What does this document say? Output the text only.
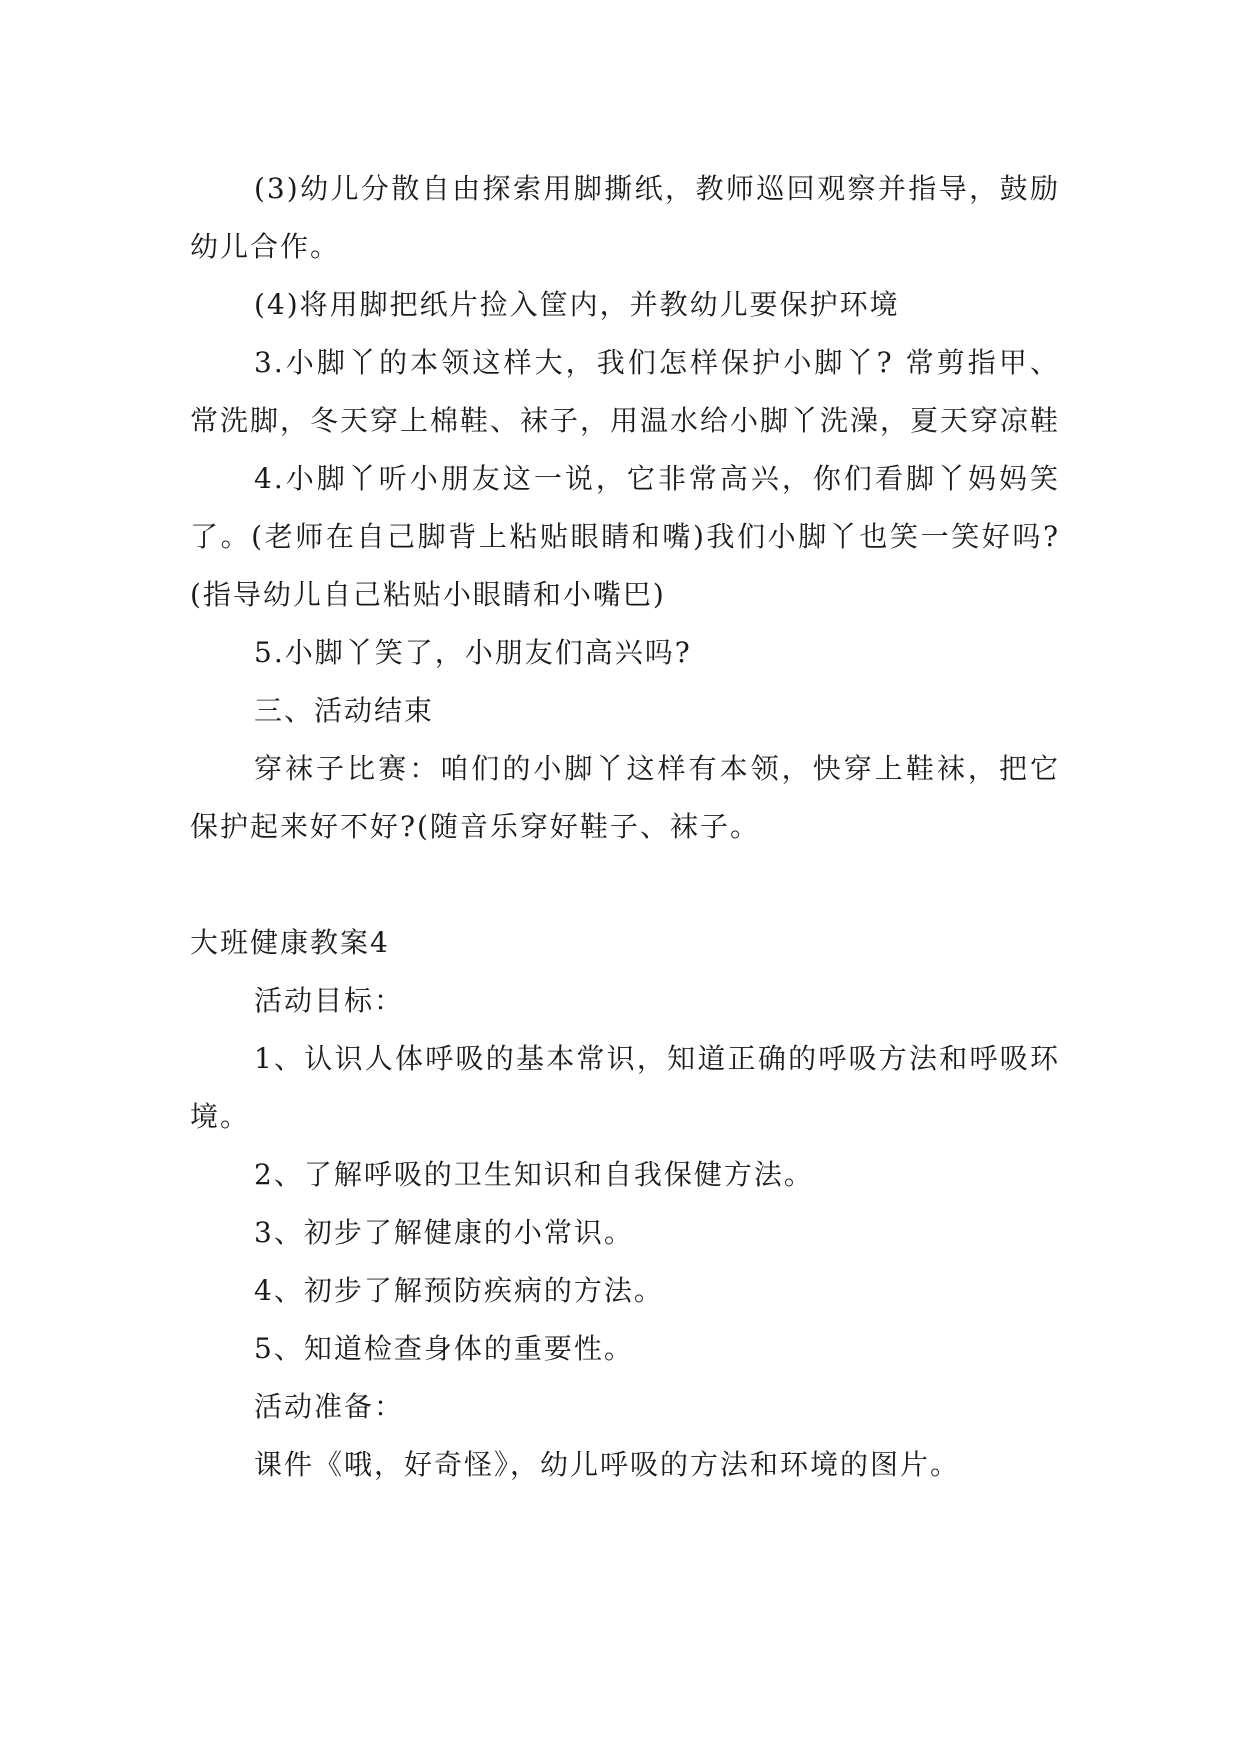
(3)幼儿分散自由探索用脚撕纸，教师巡回观察并指导，鼓励幼儿合作。

(4)将用脚把纸片捡入筐内，并教幼儿要保护环境

3.小脚丫的本领这样大，我们怎样保护小脚丫? 常剪指甲、常洗脚，冬天穿上棉鞋、袜子，用温水给小脚丫洗澡，夏天穿凉鞋

4.小脚丫听小朋友这一说，它非常高兴，你们看脚丫妈妈笑了。(老师在自己脚背上粘贴眼睛和嘴)我们小脚丫也笑一笑好吗?(指导幼儿自己粘贴小眼睛和小嘴巴)

5.小脚丫笑了，小朋友们高兴吗?

三、活动结束

穿袜子比赛：咱们的小脚丫这样有本领，快穿上鞋袜，把它保护起来好不好?(随音乐穿好鞋子、袜子。

大班健康教案4

活动目标：

1、认识人体呼吸的基本常识，知道正确的呼吸方法和呼吸环境。

2、了解呼吸的卫生知识和自我保健方法。

3、初步了解健康的小常识。

4、初步了解预防疾病的方法。

5、知道检查身体的重要性。

活动准备：

课件《哦，好奇怪》，幼儿呼吸的方法和环境的图片。
